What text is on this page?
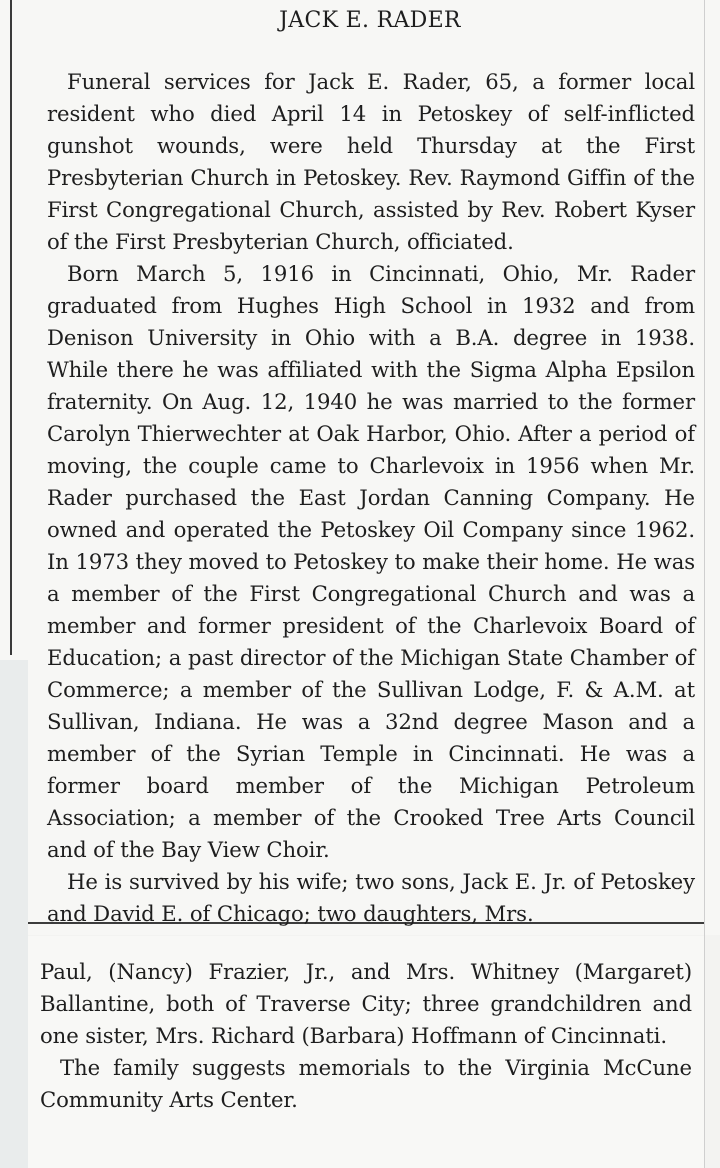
JACK E. RADER

Funeral services for Jack E. Rader, 65, a former local resident who died April 14 in Petoskey of self-inflicted gunshot wounds, were held Thursday at the First Presbyterian Church in Petoskey. Rev. Raymond Giffin of the First Congregational Church, assisted by Rev. Robert Kyser of the First Presbyterian Church, officiated.

Born March 5, 1916 in Cincinnati, Ohio, Mr. Rader graduated from Hughes High School in 1932 and from Denison University in Ohio with a B.A. degree in 1938. While there he was affiliated with the Sigma Alpha Epsilon fraternity. On Aug. 12, 1940 he was married to the former Carolyn Thierwechter at Oak Harbor, Ohio. After a period of moving, the couple came to Charlevoix in 1956 when Mr. Rader purchased the East Jordan Canning Company. He owned and operated the Petoskey Oil Company since 1962. In 1973 they moved to Petoskey to make their home. He was a member of the First Congregational Church and was a member and former president of the Charlevoix Board of Education; a past director of the Michigan State Chamber of Commerce; a member of the Sullivan Lodge, F. & A.M. at Sullivan, Indiana. He was a 32nd degree Mason and a member of the Syrian Temple in Cincinnati. He was a former board member of the Michigan Petroleum Association; a member of the Crooked Tree Arts Council and of the Bay View Choir.

He is survived by his wife; two sons, Jack E. Jr. of Petoskey and David E. of Chicago; two daughters, Mrs.

Paul, (Nancy) Frazier, Jr., and Mrs. Whitney (Margaret) Ballantine, both of Traverse City; three grandchildren and one sister, Mrs. Richard (Barbara) Hoffmann of Cincinnati.

The family suggests memorials to the Virginia McCune Community Arts Center.
